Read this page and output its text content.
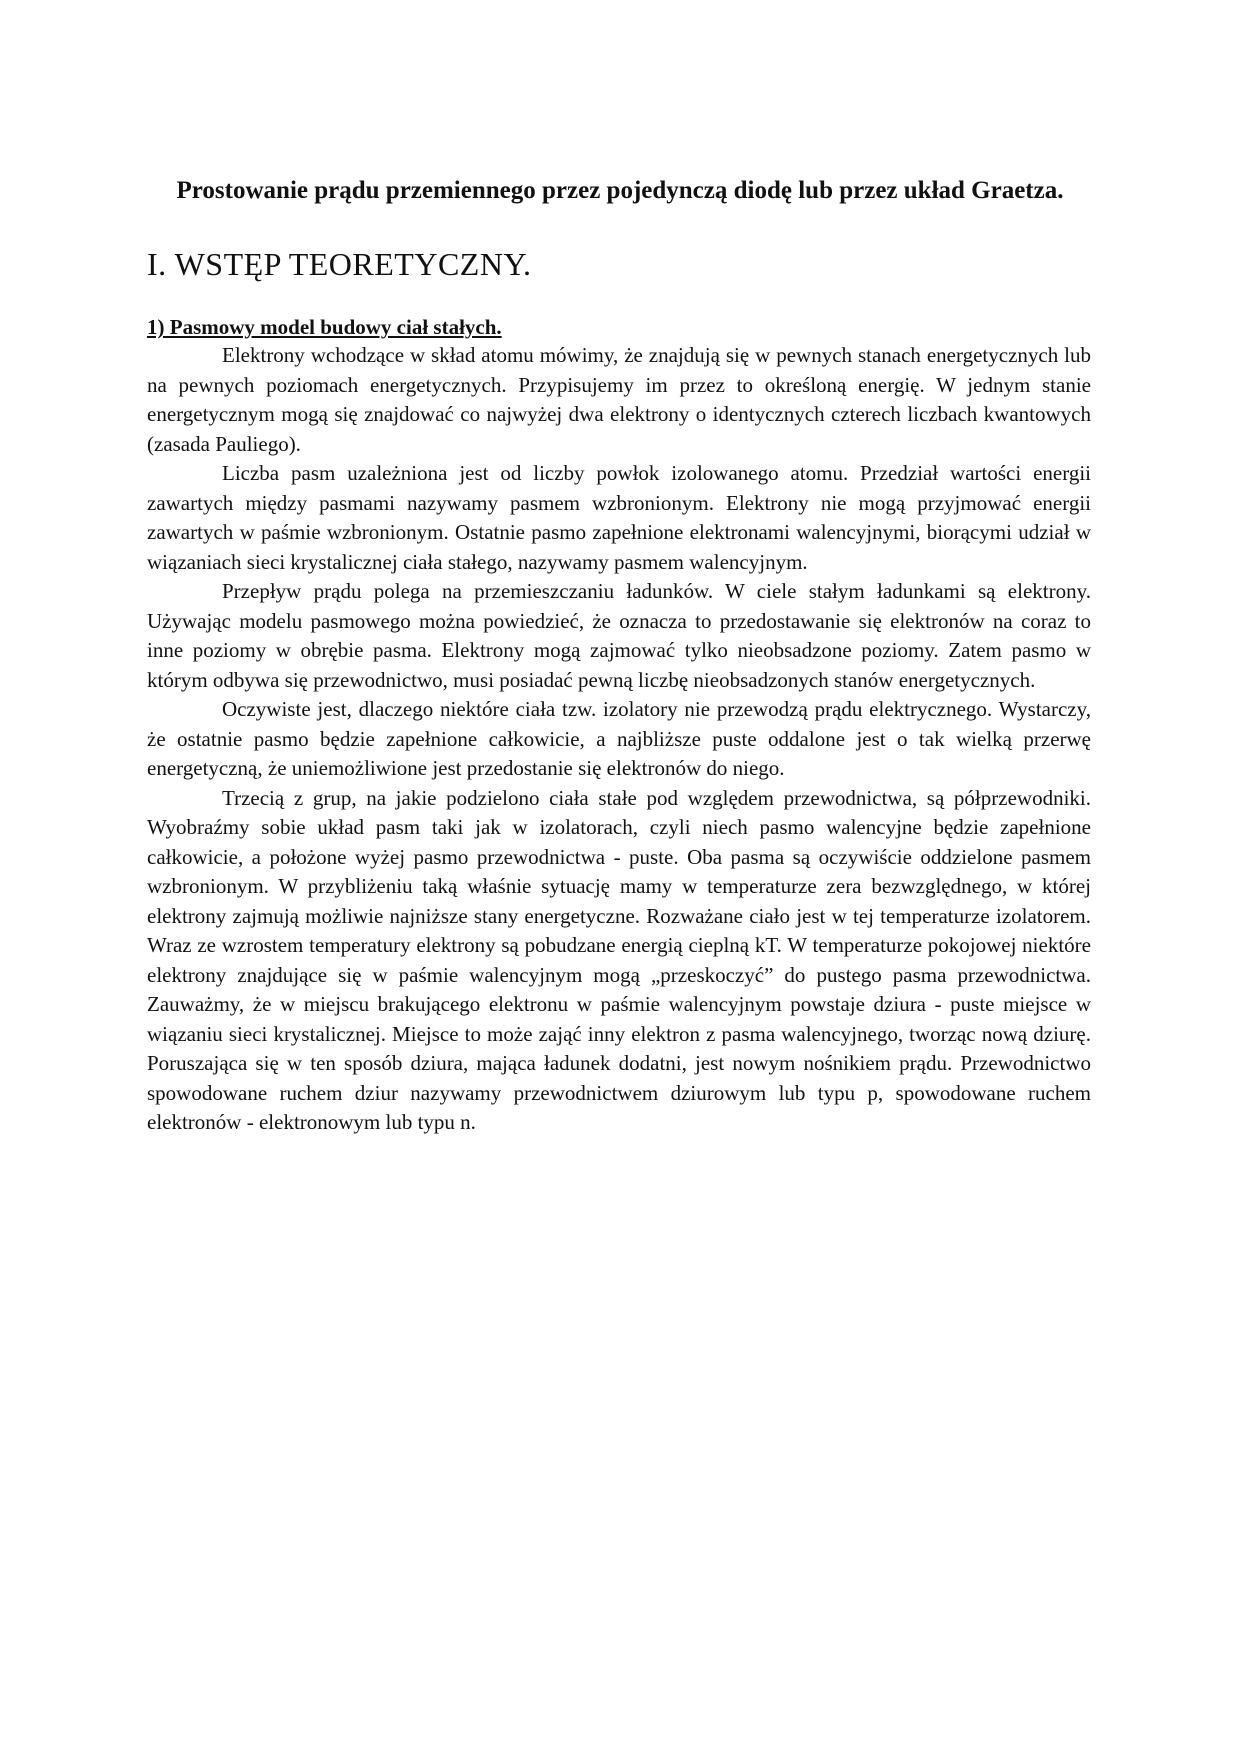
Prostowanie prądu przemiennego przez pojedynczą diodę lub przez układ Graetza.
I. WSTĘP TEORETYCZNY.
1) Pasmowy model budowy ciał stałych.

Elektrony wchodzące w skład atomu mówimy, że znajdują się w pewnych stanach energetycznych lub na pewnych poziomach energetycznych. Przypisujemy im przez to określoną energię. W jednym stanie energetycznym mogą się znajdować co najwyżej dwa elektrony o identycznych czterech liczbach kwantowych (zasada Pauliego).

Liczba pasm uzależniona jest od liczby powłok izolowanego atomu. Przedział wartości energii zawartych między pasmami nazywamy pasmem wzbronionym. Elektrony nie mogą przyjmować energii zawartych w paśmie wzbronionym. Ostatnie pasmo zapełnione elektronami walencyjnymi, biorącymi udział w wiązaniach sieci krystalicznej ciała stałego, nazywamy pasmem walencyjnym.

Przepływ prądu polega na przemieszczaniu ładunków. W ciele stałym ładunkami są elektrony. Używając modelu pasmowego można powiedzieć, że oznacza to przedostawanie się elektronów na coraz to inne poziomy w obrębie pasma. Elektrony mogą zajmować tylko nieobsadzone poziomy. Zatem pasmo w którym odbywa się przewodnictwo, musi posiadać pewną liczbę nieobsadzonych stanów energetycznych.

Oczywiste jest, dlaczego niektóre ciała tzw. izolatory nie przewodzą prądu elektrycznego. Wystarczy, że ostatnie pasmo będzie zapełnione całkowicie, a najbliższe puste oddalone jest o tak wielką przerwę energetyczną, że uniemożliwione jest przedostanie się elektronów do niego.

Trzecią z grup, na jakie podzielono ciała stałe pod względem przewodnictwa, są półprzewodniki. Wyobraźmy sobie układ pasm taki jak w izolatorach, czyli niech pasmo walencyjne będzie zapełnione całkowicie, a położone wyżej pasmo przewodnictwa - puste. Oba pasma są oczywiście oddzielone pasmem wzbronionym. W przybliżeniu taką właśnie sytuację mamy w temperaturze zera bezwzględnego, w której elektrony zajmują możliwie najniższe stany energetyczne. Rozważane ciało jest w tej temperaturze izolatorem. Wraz ze wzrostem temperatury elektrony są pobudzane energią cieplną kT. W temperaturze pokojowej niektóre elektrony znajdujące się w paśmie walencyjnym mogą „przeskoczyć” do pustego pasma przewodnictwa. Zauważmy, że w miejscu brakującego elektronu w paśmie walencyjnym powstaje dziura - puste miejsce w wiązaniu sieci krystalicznej. Miejsce to może zająć inny elektron z pasma walencyjnego, tworząc nową dziurę. Poruszająca się w ten sposób dziura, mająca ładunek dodatni, jest nowym nośnikiem prądu. Przewodnictwo spowodowane ruchem dziur nazywamy przewodnictwem dziurowym lub typu p, spowodowane ruchem elektronów - elektronowym lub typu n.
